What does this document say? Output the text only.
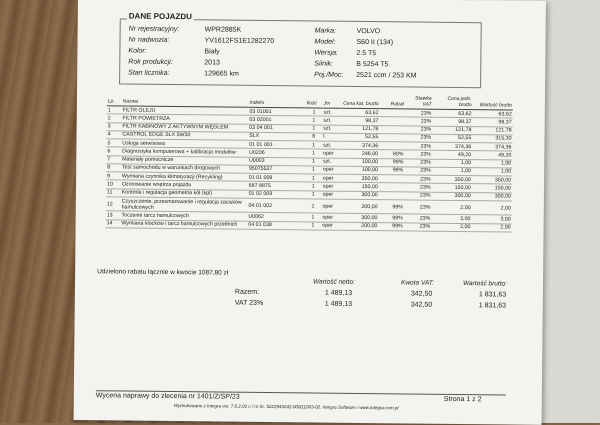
DANE POJAZDU
Nr rejestracyjny:	WPR2885K
Nr nadwozia:	YV1612FS1E1282270
Kolor:	Biały
Rok produkcji:	2013
Stan licznika:	129665 km
Marka:	VOLVO
Model:	S60 II (134)
Wersja:	2.5 T5
Silnik:	B 5254 T5
Poj./Moc: 2521 ccm / 253 KM
Lp.	Nazwa	Indeks	Ilość	Jm	Cena kat. brutto	Rabat	Stawka VAT	Cena jedn. brutto	Wartość brutto
1	FILTR OLEJU	03 01001	1	szt.	63,62		23%	63,62	63,62
2	FILTR POWIETRZA	03 02001	1	szt.	98,37		23%	98,37	98,37
3	FILTR KABINOWY Z AKTYWNYM WĘGLEM	03 04 001	1	szt.	121,78		23%	121,78	121,78
4	CASTROL EDGE SLX 5W30	SLX	6	l.	52,55		23%	52,55	315,30
5	Usługa serwisowa	01 01 001	1	szt.	374,36		23%	374,36	374,36
6	Diagnostyka komputerowa + kalibracja modułów	U0206	1	oper	246,00	80%	23%	49,20	49,20
7	Materiały pomocnicze	U0003	1	szt.	100,00	99%	23%	1,00	1,00
8	Test samochodu w warunkach drogowych	95075537	1	oper	100,00	99%	23%	1,00	1,00
9	Wymiana czynnika klimatyzacji (Recykling)	01 01 009	1	oper	350,00		23%	350,00	350,00
10	Ozonowanie wnętrza pojazdu	687 8875	1	oper	150,00		23%	150,00	150,00
11	Kontrola i regulacja geometria kół (kpl)	01 02 009	1	oper	300,00		23%	300,00	300,00
12	Czyszczenie, przesmarowanie i regulacja zacisków hamulcowych	04 01 002	1	oper	200,00	99%	23%	2,00	2,00
13	Toczenie tarcz hamulcowych	U0062	1	oper	300,00	99%	23%	3,00	3,00
14	Wymiana klocków i tarcz hamulcowych przednich	04 01 038	1	oper	200,00	99%	23%	2,00	2,00
Udzielono rabatu łącznie w kwocie 1087,80 zł
Wartość netto:	Kwota VAT:	Wartość brutto:
Razem:	1 489,13	342,50	1 831,63
VAT 23%	1 489,13	342,50	1 831,63
Wycena naprawy do zlecenia nr 1401/Z/SP/23	Strona 1 z 2
Wydrukowano z Integra ver. 7.6.2.01 c / nr lic. 5222943242-00001D03-02. Integra Software / www.integra.com.pl
